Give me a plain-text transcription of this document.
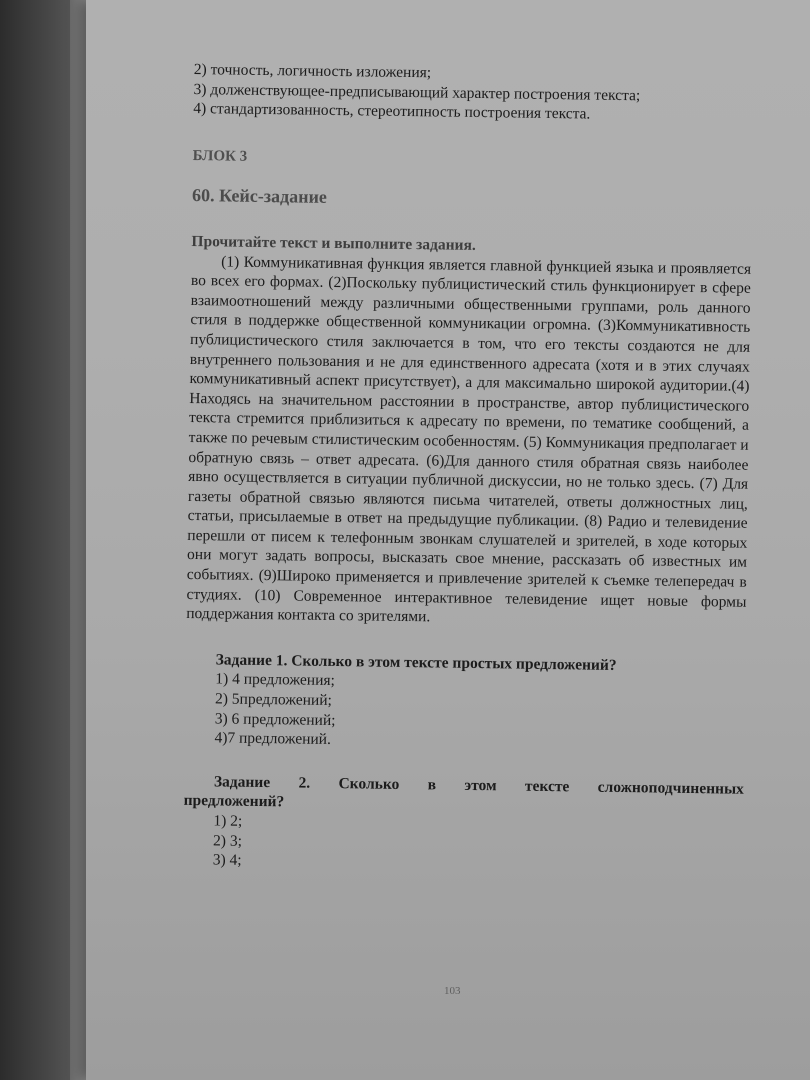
2) точность, логичность изложения;
3) долженствующее-предписывающий характер построения текста;
4) стандартизованность, стереотипность построения текста.
БЛОК 3
60. Кейс-задание
Прочитайте текст и выполните задания.

(1) Коммуникативная функция является главной функцией языка и проявляется во всех его формах. (2)Поскольку публицистический стиль функционирует в сфере взаимоотношений между различными общественными группами, роль данного стиля в поддержке общественной коммуникации огромна. (3)Коммуникативность публицистического стиля заключается в том, что его тексты создаются не для внутреннего пользования и не для единственного адресата (хотя и в этих случаях коммуникативный аспект присутствует), а для максимально широкой аудитории.(4) Находясь на значительном расстоянии в пространстве, автор публицистического текста стремится приблизиться к адресату по времени, по тематике сообщений, а также по речевым стилистическим особенностям. (5) Коммуникация предполагает и обратную связь – ответ адресата. (6)Для данного стиля обратная связь наиболее явно осуществляется в ситуации публичной дискуссии, но не только здесь. (7) Для газеты обратной связью являются письма читателей, ответы должностных лиц, статьи, присылаемые в ответ на предыдущие публикации. (8) Радио и телевидение перешли от писем к телефонным звонкам слушателей и зрителей, в ходе которых они могут задать вопросы, высказать свое мнение, рассказать об известных им событиях. (9)Широко применяется и привлечение зрителей к съемке телепередач в студиях. (10) Современное интерактивное телевидение ищет новые формы поддержания контакта со зрителями.

Задание 1. Сколько в этом тексте простых предложений?
1) 4 предложения;
2) 5предложений;
3) 6 предложений;
4)7 предложений.
Задание 2. Сколько в этом тексте сложноподчиненных предложений?
1) 2;
2) 3;
3) 4;
103
